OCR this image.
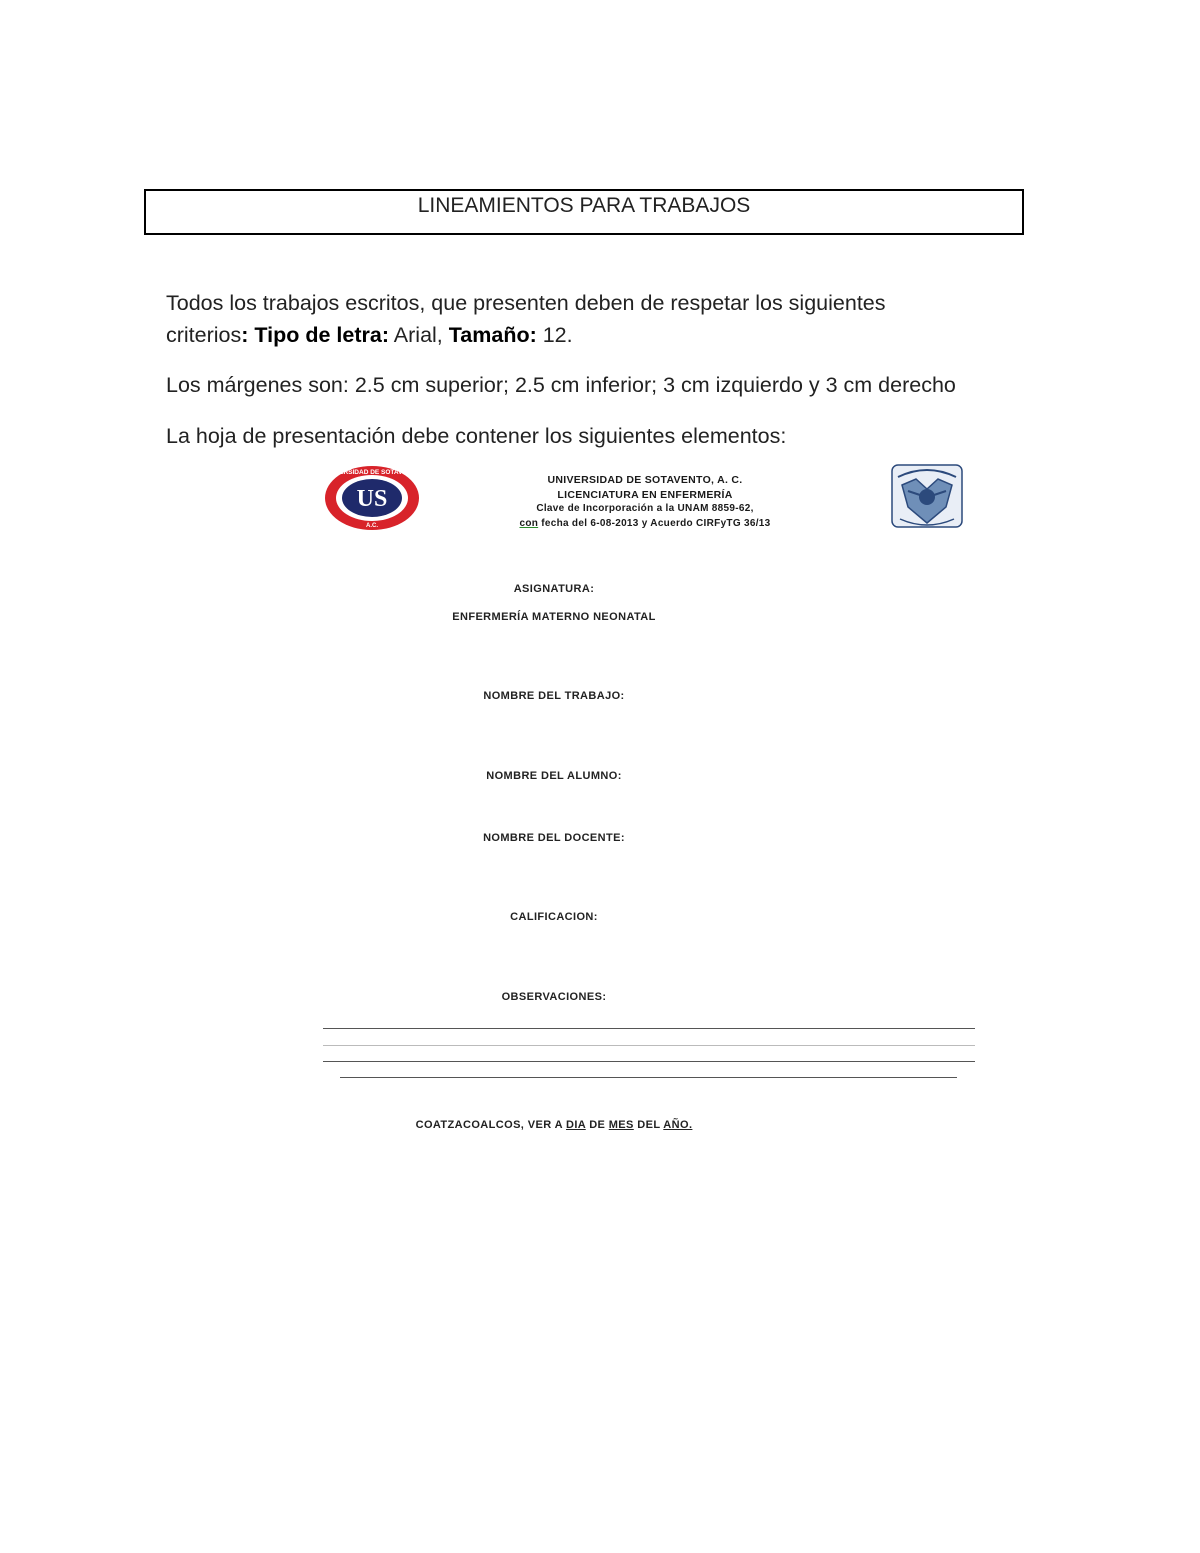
LINEAMIENTOS PARA TRABAJOS

Todos los trabajos escritos, que presenten deben de respetar los siguientes
criterios: Tipo de letra: Arial, Tamaño: 12.

Los márgenes son: 2.5 cm superior; 2.5 cm inferior; 3 cm izquierdo y 3 cm derecho

La hoja de presentación debe contener los siguientes elementos:

US
UNIVERSIDAD DE SOTAVENTO
A.C.
UNIVERSIDAD DE SOTAVENTO, A. C.
LICENCIATURA EN ENFERMERÍA
Clave de Incorporación a la UNAM 8859-62,
con fecha del 6-08-2013 y Acuerdo CIRFyTG 36/13
ASIGNATURA:
ENFERMERÍA MATERNO NEONATAL
NOMBRE DEL TRABAJO:
NOMBRE DEL ALUMNO:
NOMBRE DEL DOCENTE:
CALIFICACION:
OBSERVACIONES:
COATZACOALCOS, VER A DIA DE MES DEL AÑO.
